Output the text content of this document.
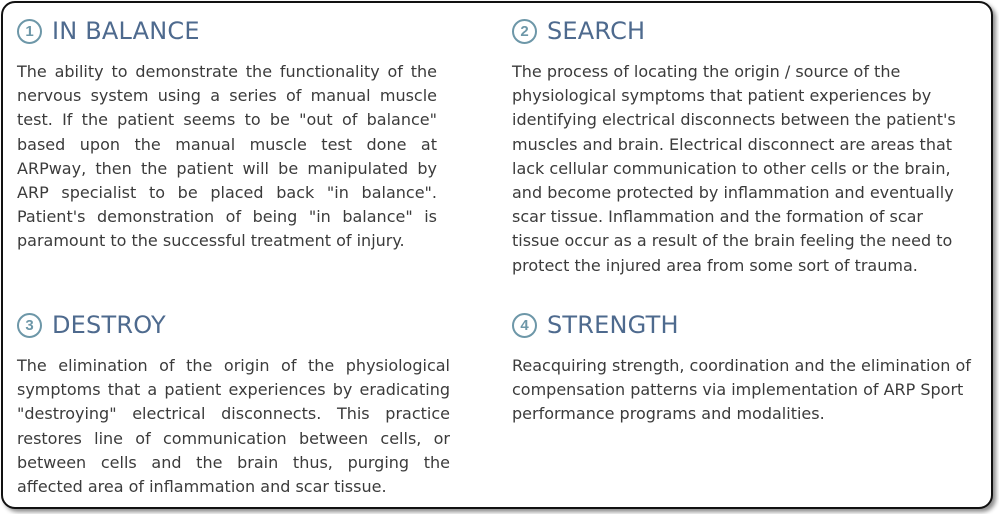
1 IN BALANCE

The ability to demonstrate the functionality of the nervous system using a series of manual muscle test. If the patient seems to be "out of balance" based upon the manual muscle test done at ARPway, then the patient will be manipulated by ARP specialist to be placed back "in balance". Patient's demonstration of being "in balance" is paramount to the successful treatment of injury.

2 SEARCH

The process of locating the origin / source of the physiological symptoms that patient experiences by identifying electrical disconnects between the patient's muscles and brain. Electrical disconnect are areas that lack cellular communication to other cells or the brain, and become protected by inflammation and eventually scar tissue. Inflammation and the formation of scar tissue occur as a result of the brain feeling the need to protect the injured area from some sort of trauma.

3 DESTROY

The elimination of the origin of the physiological symptoms that a patient experiences by eradicating "destroying" electrical disconnects. This practice restores line of communication between cells, or between cells and the brain thus, purging the affected area of inflammation and scar tissue.

4 STRENGTH

Reacquiring strength, coordination and the elimination of compensation patterns via implementation of ARP Sport performance programs and modalities.
